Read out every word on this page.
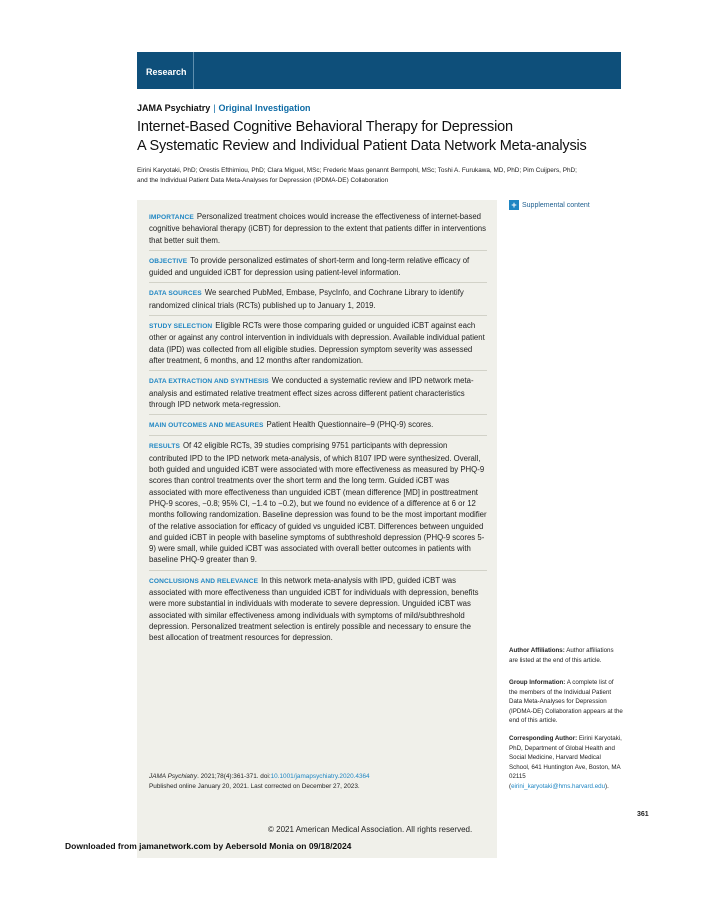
Research
JAMA Psychiatry | Original Investigation
Internet-Based Cognitive Behavioral Therapy for Depression
A Systematic Review and Individual Patient Data Network Meta-analysis
Eirini Karyotaki, PhD; Orestis Efthimiou, PhD; Clara Miguel, MSc; Frederic Maas genannt Bermpohl, MSc; Toshi A. Furukawa, MD, PhD; Pim Cuijpers, PhD; and the Individual Patient Data Meta-Analyses for Depression (IPDMA-DE) Collaboration
IMPORTANCE Personalized treatment choices would increase the effectiveness of internet-based cognitive behavioral therapy (iCBT) for depression to the extent that patients differ in interventions that better suit them.
OBJECTIVE To provide personalized estimates of short-term and long-term relative efficacy of guided and unguided iCBT for depression using patient-level information.
DATA SOURCES We searched PubMed, Embase, PsycInfo, and Cochrane Library to identify randomized clinical trials (RCTs) published up to January 1, 2019.
STUDY SELECTION Eligible RCTs were those comparing guided or unguided iCBT against each other or against any control intervention in individuals with depression. Available individual patient data (IPD) was collected from all eligible studies. Depression symptom severity was assessed after treatment, 6 months, and 12 months after randomization.
DATA EXTRACTION AND SYNTHESIS We conducted a systematic review and IPD network meta-analysis and estimated relative treatment effect sizes across different patient characteristics through IPD network meta-regression.
MAIN OUTCOMES AND MEASURES Patient Health Questionnaire–9 (PHQ-9) scores.
RESULTS Of 42 eligible RCTs, 39 studies comprising 9751 participants with depression contributed IPD to the IPD network meta-analysis, of which 8107 IPD were synthesized. Overall, both guided and unguided iCBT were associated with more effectiveness as measured by PHQ-9 scores than control treatments over the short term and the long term. Guided iCBT was associated with more effectiveness than unguided iCBT (mean difference [MD] in posttreatment PHQ-9 scores, −0.8; 95% CI, −1.4 to −0.2), but we found no evidence of a difference at 6 or 12 months following randomization. Baseline depression was found to be the most important modifier of the relative association for efficacy of guided vs unguided iCBT. Differences between unguided and guided iCBT in people with baseline symptoms of subthreshold depression (PHQ-9 scores 5-9) were small, while guided iCBT was associated with overall better outcomes in patients with baseline PHQ-9 greater than 9.
CONCLUSIONS AND RELEVANCE In this network meta-analysis with IPD, guided iCBT was associated with more effectiveness than unguided iCBT for individuals with depression, benefits were more substantial in individuals with moderate to severe depression. Unguided iCBT was associated with similar effectiveness among individuals with symptoms of mild/subthreshold depression. Personalized treatment selection is entirely possible and necessary to ensure the best allocation of treatment resources for depression.
JAMA Psychiatry. 2021;78(4):361-371. doi:10.1001/jamapsychiatry.2020.4364
Published online January 20, 2021. Last corrected on December 27, 2023.
© 2021 American Medical Association. All rights reserved.
Downloaded from jamanetwork.com by Aebersold Monia on 09/18/2024
+ Supplemental content
Author Affiliations: Author affiliations are listed at the end of this article.
Group Information: A complete list of the members of the Individual Patient Data Meta-Analyses for Depression (IPDMA-DE) Collaboration appears at the end of this article.
Corresponding Author: Eirini Karyotaki, PhD, Department of Global Health and Social Medicine, Harvard Medical School, 641 Huntington Ave, Boston, MA 02115 (eirini_karyotaki@hms.harvard.edu).
361
